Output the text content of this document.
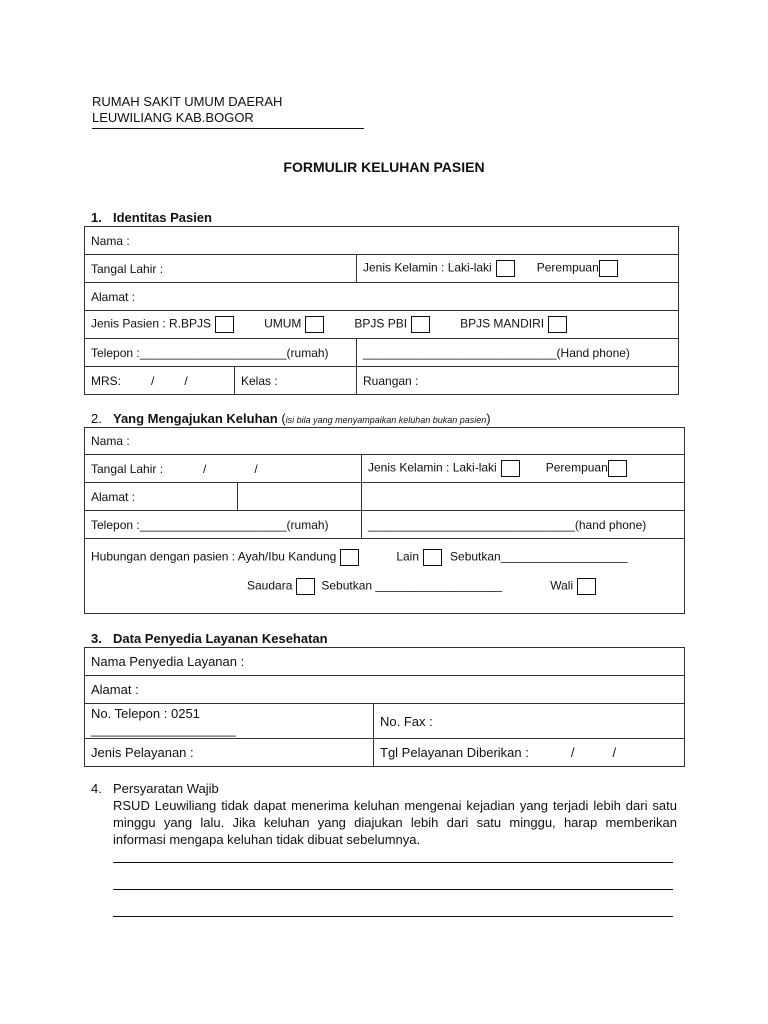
RUMAH SAKIT UMUM DAERAH
LEUWILIANG KAB.BOGOR
FORMULIR KELUHAN PASIEN
1. Identitas Pasien
Nama :		
Tangal Lahir :		Jenis Kelamin : Laki-laki Perempuan
Alamat :		
Jenis Pasien : R.BPJS UMUM BPJS PBI BPJS MANDIRI		
Telepon :______________________(rumah)		_____________________________(Hand phone)
MRS: / /	Kelas :	Ruangan :
2. Yang Mengajukan Keluhan (isi bila yang menyampaikan keluhan bukan pasien)
Nama :		
Tangal Lahir : / /		Jenis Kelamin : Laki-laki Perempuan
Alamat :		
Telepon :______________________(rumah)		_______________________________(hand phone)

Hubungan dengan pasien : Ayah/Ibu Kandung Lain Sebutkan___________________
Saudara Sebutkan ___________________ Wali		
3. Data Penyedia Layanan Kesehatan
Nama Penyedia Layanan :	
Alamat :	

No. Telepon : 0251
____________________	No. Fax :
Jenis Pelayanan :	Tgl Pelayanan Diberikan : / /
4. Persyaratan Wajib
RSUD Leuwiliang tidak dapat menerima keluhan mengenai kejadian yang terjadi lebih dari satu minggu yang lalu. Jika keluhan yang diajukan lebih dari satu minggu, harap memberikan informasi mengapa keluhan tidak dibuat sebelumnya.
